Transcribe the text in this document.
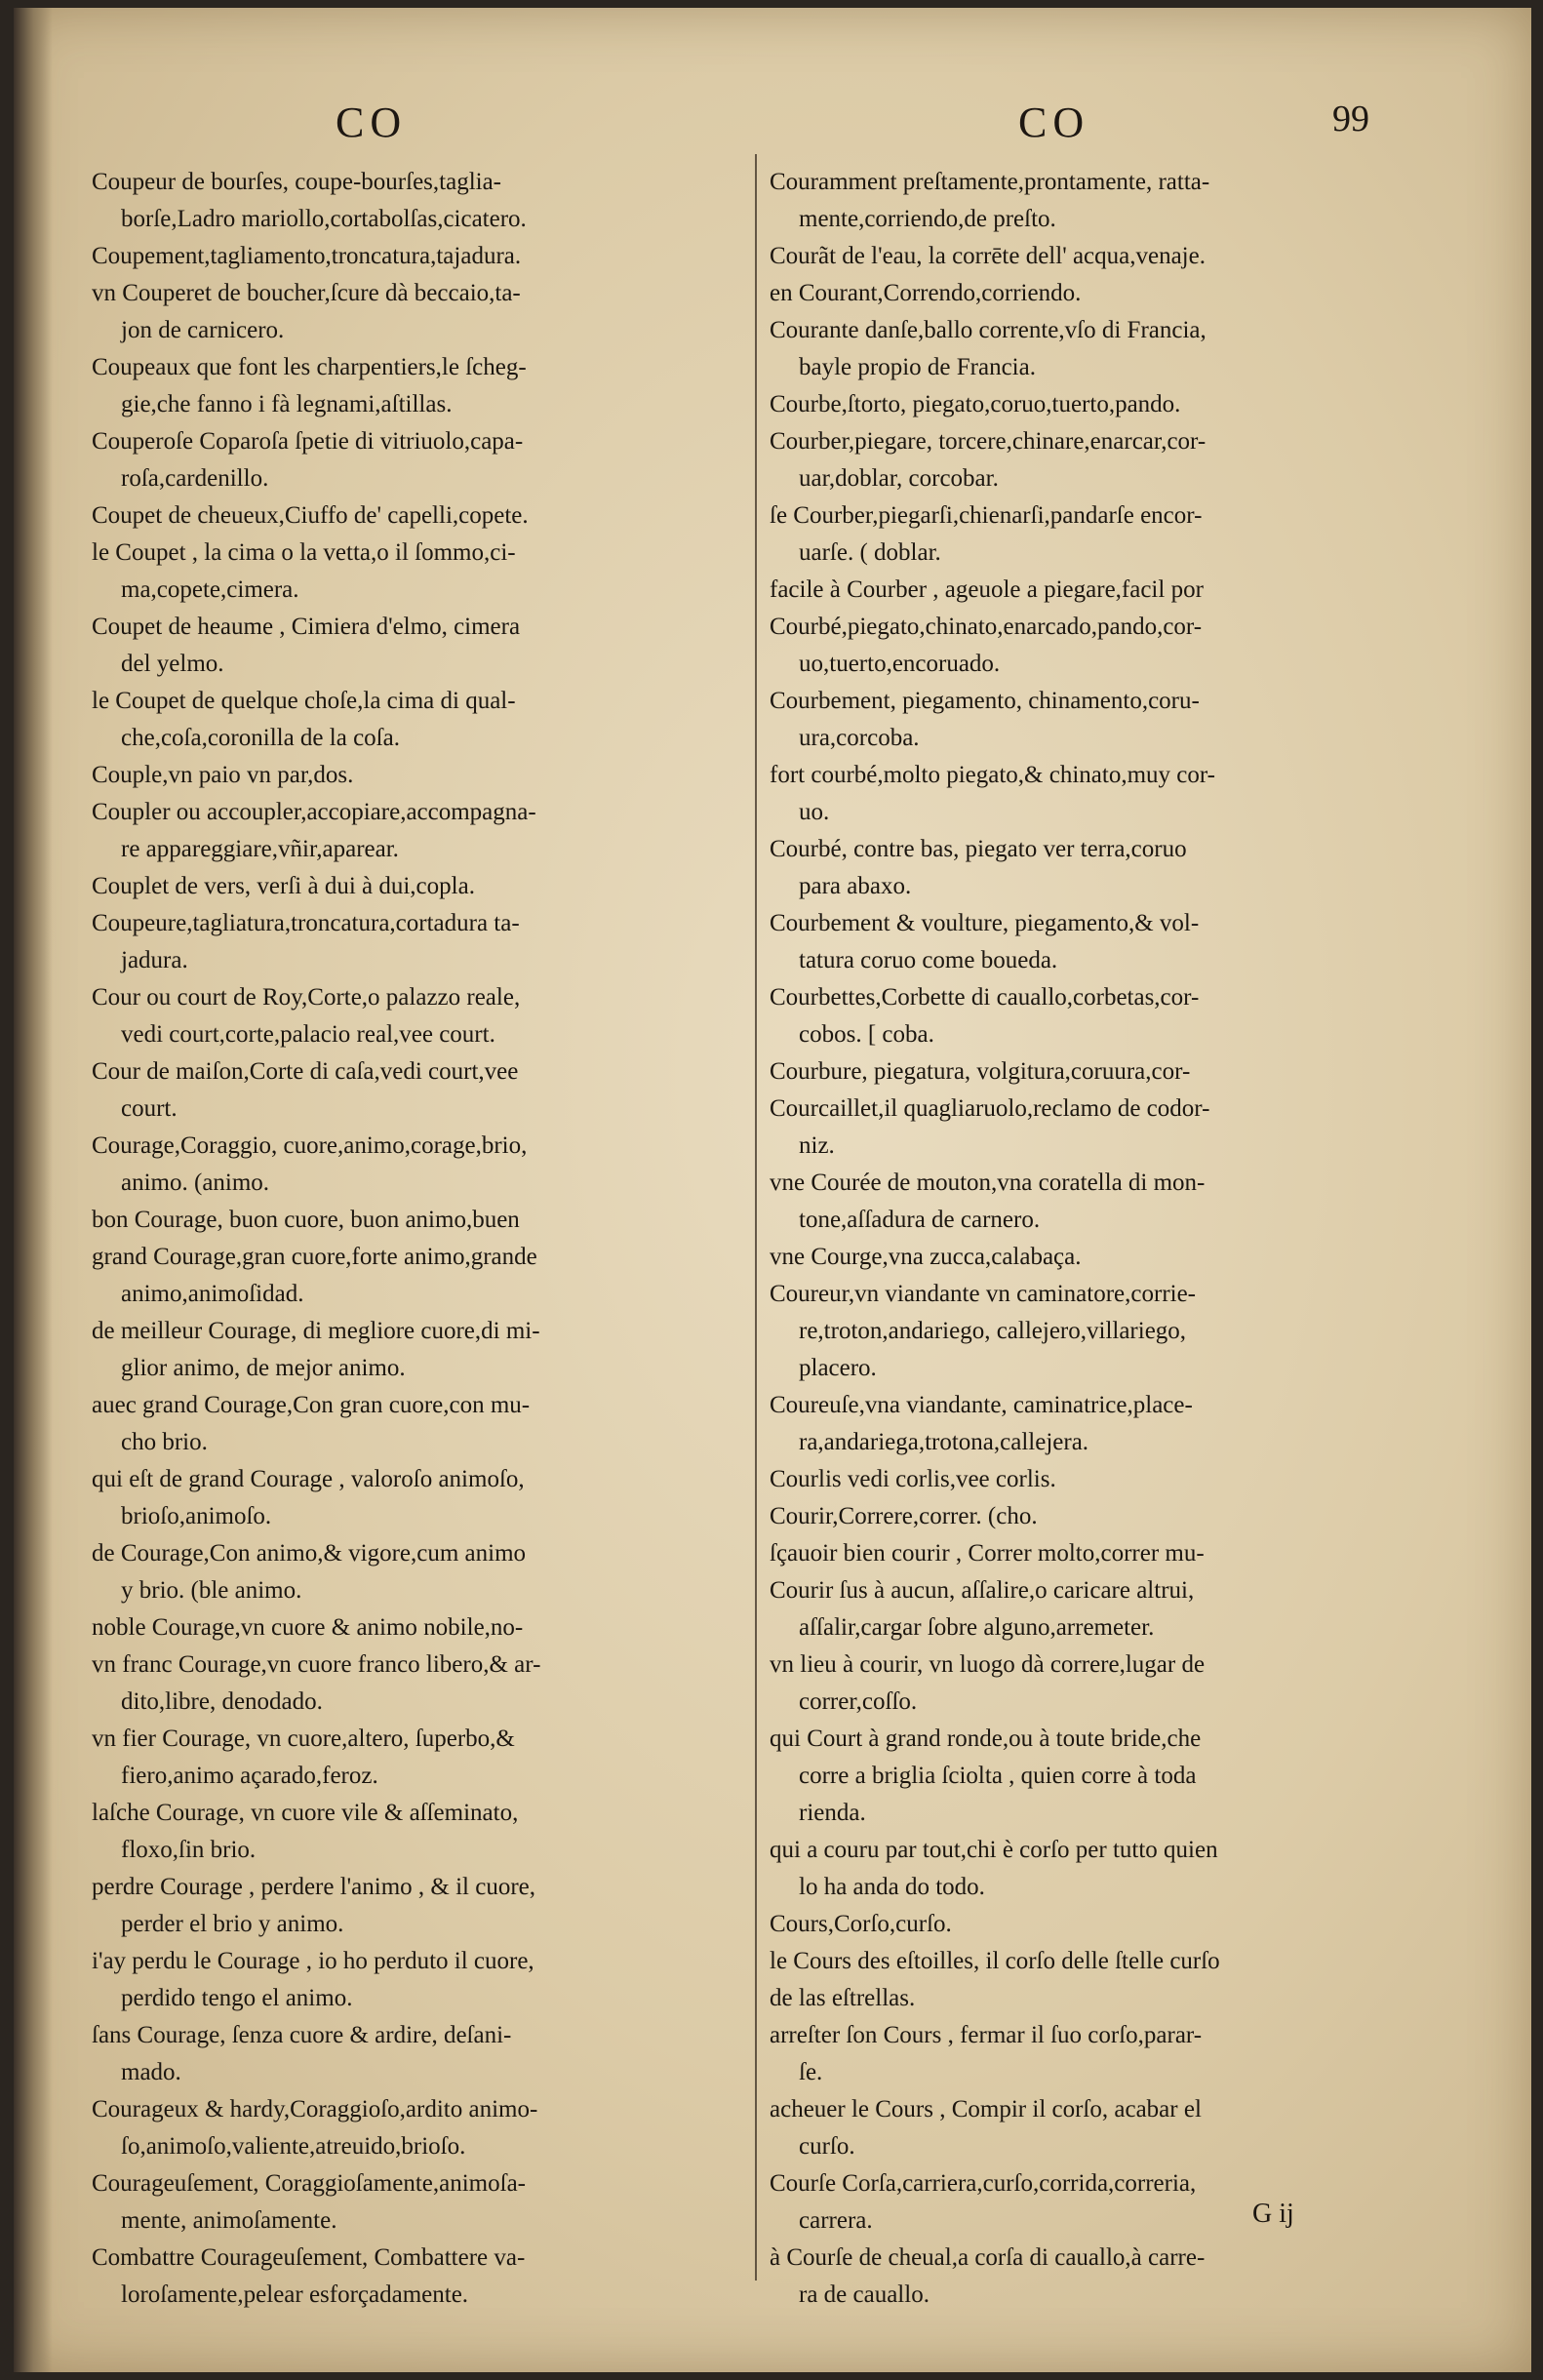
CO	CO	99
Coupeur de bourſes, coupe-bourſes,taglia-
borſe,Ladro mariollo,cortabolſas,cicatero.
Coupement,tagliamento,troncatura,tajadura.
vn Couperet de boucher,ſcure dà beccaio,ta-
jon de carnicero.
Coupeaux que font les charpentiers,le ſcheg-
gie,che fanno i fà legnami,aſtillas.
Couperoſe Coparoſa ſpetie di vitriuolo,capa-
roſa,cardenillo.
Coupet de cheueux,Ciuffo de' capelli,copete.
le Coupet , la cima o la vetta,o il ſommo,ci-
ma,copete,cimera.
Coupet de heaume , Cimiera d'elmo, cimera
del yelmo.
le Coupet de quelque choſe,la cima di qual-
che,coſa,coronilla de la coſa.
Couple,vn paio vn par,dos.
Coupler ou accoupler,accopiare,accompagna-
re appareggiare,vñir,aparear.
Couplet de vers, verſi à dui à dui,copla.
Coupeure,tagliatura,troncatura,cortadura ta-
jadura.
Cour ou court de Roy,Corte,o palazzo reale,
vedi court,corte,palacio real,vee court.
Cour de maiſon,Corte di caſa,vedi court,vee
court.
Courage,Coraggio, cuore,animo,corage,brio,
animo. (animo.
bon Courage, buon cuore, buon animo,buen
grand Courage,gran cuore,forte animo,grande
animo,animoſidad.
de meilleur Courage, di megliore cuore,di mi-
glior animo, de mejor animo.
auec grand Courage,Con gran cuore,con mu-
cho brio.
qui eſt de grand Courage , valoroſo animoſo,
brioſo,animoſo.
de Courage,Con animo,& vigore,cum animo
y brio. (ble animo.
noble Courage,vn cuore & animo nobile,no-
vn franc Courage,vn cuore franco libero,& ar-
dito,libre, denodado.
vn fier Courage, vn cuore,altero, ſuperbo,&
fiero,animo açarado,feroz.
laſche Courage, vn cuore vile & aſſeminato,
floxo,ſin brio.
perdre Courage , perdere l'animo , & il cuore,
perder el brio y animo.
i'ay perdu le Courage , io ho perduto il cuore,
perdido tengo el animo.
ſans Courage, ſenza cuore & ardire, deſani-
mado.
Courageux & hardy,Coraggioſo,ardito animo-
ſo,animoſo,valiente,atreuido,brioſo.
Courageuſement, Coraggioſamente,animoſa-
mente, animoſamente.
Combattre Courageuſement, Combattere va-
loroſamente,pelear esforçadamente.
Couramment preſtamente,prontamente, ratta-
mente,corriendo,de preſto.
Courãt de l'eau, la corrēte dell' acqua,venaje.
en Courant,Correndo,corriendo.
Courante danſe,ballo corrente,vſo di Francia,
bayle propio de Francia.
Courbe,ſtorto, piegato,coruo,tuerto,pando.
Courber,piegare, torcere,chinare,enarcar,cor-
uar,doblar, corcobar.
ſe Courber,piegarſi,chienarſi,pandarſe encor-
uarſe. ( doblar.
facile à Courber , ageuole a piegare,facil por
Courbé,piegato,chinato,enarcado,pando,cor-
uo,tuerto,encoruado.
Courbement, piegamento, chinamento,coru-
ura,corcoba.
fort courbé,molto piegato,& chinato,muy cor-
uo.
Courbé, contre bas, piegato ver terra,coruo
para abaxo.
Courbement & voulture, piegamento,& vol-
tatura coruo come boueda.
Courbettes,Corbette di cauallo,corbetas,cor-
cobos. [ coba.
Courbure, piegatura, volgitura,coruura,cor-
Courcaillet,il quagliaruolo,reclamo de codor-
niz.
vne Courée de mouton,vna coratella di mon-
tone,aſſadura de carnero.
vne Courge,vna zucca,calabaça.
Coureur,vn viandante vn caminatore,corrie-
re,troton,andariego, callejero,villariego,
placero.
Coureuſe,vna viandante, caminatrice,place-
ra,andariega,trotona,callejera.
Courlis vedi corlis,vee corlis.
Courir,Correre,correr. (cho.
ſçauoir bien courir , Correr molto,correr mu-
Courir ſus à aucun, aſſalire,o caricare altrui,
aſſalir,cargar ſobre alguno,arremeter.
vn lieu à courir, vn luogo dà correre,lugar de
correr,coſſo.
qui Court à grand ronde,ou à toute bride,che
corre a briglia ſciolta , quien corre à toda
rienda.
qui a couru par tout,chi è corſo per tutto quien
lo ha anda do todo.
Cours,Corſo,curſo.
le Cours des eſtoilles, il corſo delle ſtelle curſo
de las eſtrellas.
arreſter ſon Cours , fermar il ſuo corſo,parar-
ſe.
acheuer le Cours , Compir il corſo, acabar el
curſo.
Courſe Corſa,carriera,curſo,corrida,correria,
carrera.
à Courſe de cheual,a corſa di cauallo,à carre-
ra de cauallo.
G ij
